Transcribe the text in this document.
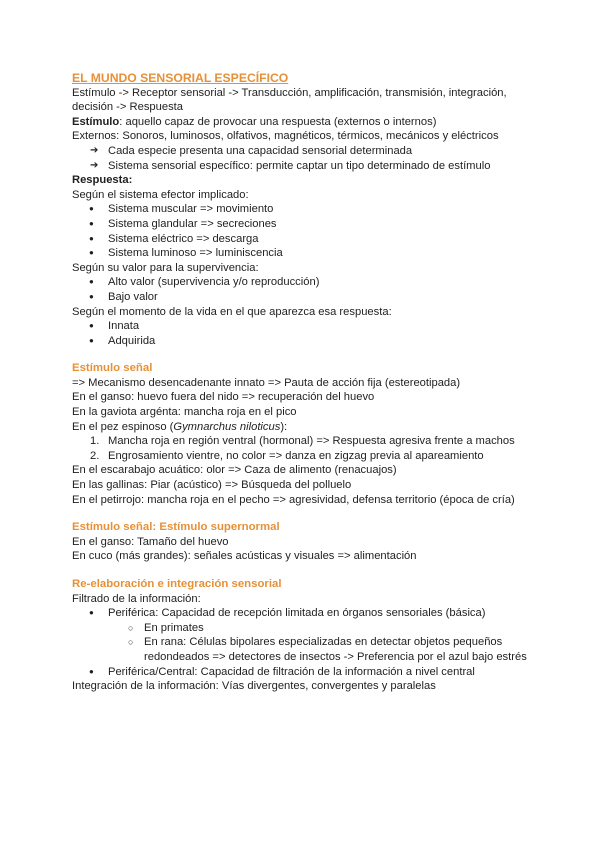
EL MUNDO SENSORIAL ESPECÍFICO

Estímulo -> Receptor sensorial -> Transducción, amplificación, transmisión, integración, decisión -> Respuesta

Estímulo: aquello capaz de provocar una respuesta (externos o internos)

Externos: Sonoros, luminosos, olfativos, magnéticos, térmicos, mecánicos y eléctricos

➔ Cada especie presenta una capacidad sensorial determinada
➔ Sistema sensorial específico: permite captar un tipo determinado de estímulo

Respuesta:

Según el sistema efector implicado:

● Sistema muscular => movimiento
● Sistema glandular => secreciones
● Sistema eléctrico => descarga
● Sistema luminoso => luminiscencia

Según su valor para la supervivencia:

● Alto valor (supervivencia y/o reproducción)
● Bajo valor

Según el momento de la vida en el que aparezca esa respuesta:

● Innata
● Adquirida

Estímulo señal

=> Mecanismo desencadenante innato => Pauta de acción fija (estereotipada)

En el ganso: huevo fuera del nido => recuperación del huevo

En la gaviota argénta: mancha roja en el pico

En el pez espinoso (Gymnarchus niloticus):

1. Mancha roja en región ventral (hormonal) => Respuesta agresiva frente a machos
2. Engrosamiento vientre, no color => danza en zigzag previa al apareamiento

En el escarabajo acuático: olor => Caza de alimento (renacuajos)

En las gallinas: Piar (acústico) => Búsqueda del polluelo

En el petirrojo: mancha roja en el pecho => agresividad, defensa territorio (época de cría)

Estímulo señal: Estímulo supernormal

En el ganso: Tamaño del huevo

En cuco (más grandes): señales acústicas y visuales => alimentación

Re-elaboración e integración sensorial

Filtrado de la información:

● Periférica: Capacidad de recepción limitada en órganos sensoriales (básica)
○ En primates
○ En rana: Células bipolares especializadas en detectar objetos pequeños redondeados => detectores de insectos -> Preferencia por el azul bajo estrés
● Periférica/Central: Capacidad de filtración de la información a nivel central

Integración de la información: Vías divergentes, convergentes y paralelas
